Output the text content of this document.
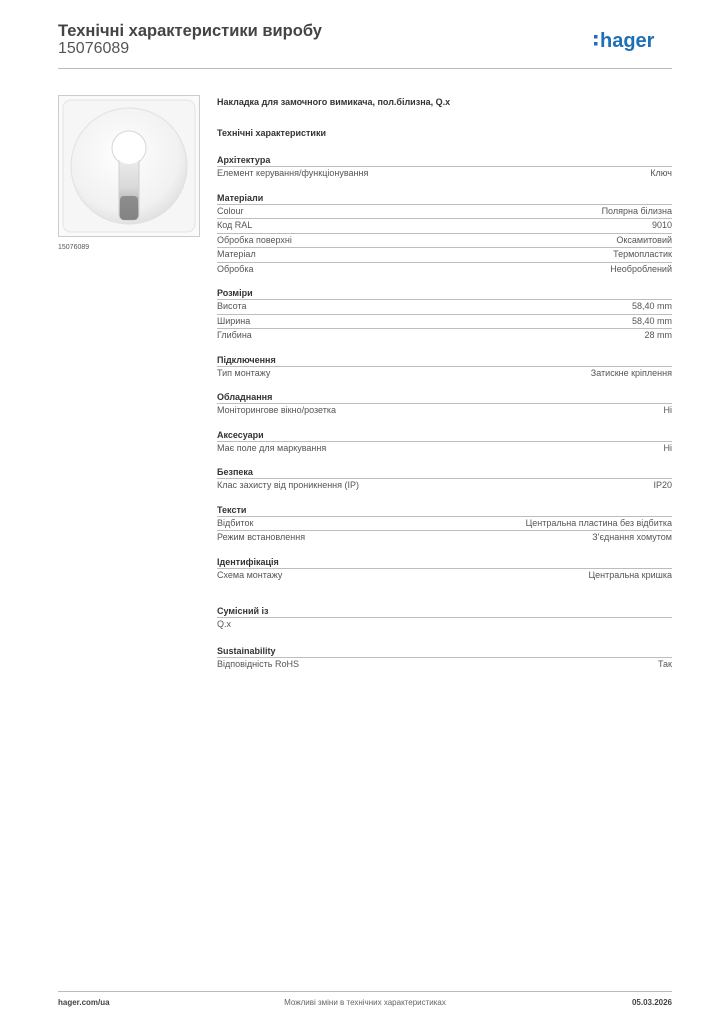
Технічні характеристики виробу
15076089	hager
15076089
Накладка для замочного вимикача, пол.білизна, Q.x
Технічні характеристики
Архітектура
Елемент керування/функціонування	Ключ
Матеріали
Colour	Полярна білизна
Код RAL	9010
Обробка поверхні	Оксамитовий
Матеріал	Термопластик
Обробка	Необроблений
Розміри
Висота	58,40 mm
Ширина	58,40 mm
Глибина	28 mm
Підключення
Тип монтажу	Затискне кріплення
Обладнання
Моніторингове вікно/розетка	Ні
Аксесуари
Має поле для маркування	Ні
Безпека
Клас захисту від проникнення (IP)	IP20
Тексти
Відбиток	Центральна пластина без відбитка
Режим встановлення	З'єднання хомутом
Ідентифікація
Схема монтажу	Центральна кришка
Сумісний із
Q.x
Sustainability
Відповідність RoHS	Так
hager.com/ua	Можливі зміни в технічних характеристиках	05.03.2026
